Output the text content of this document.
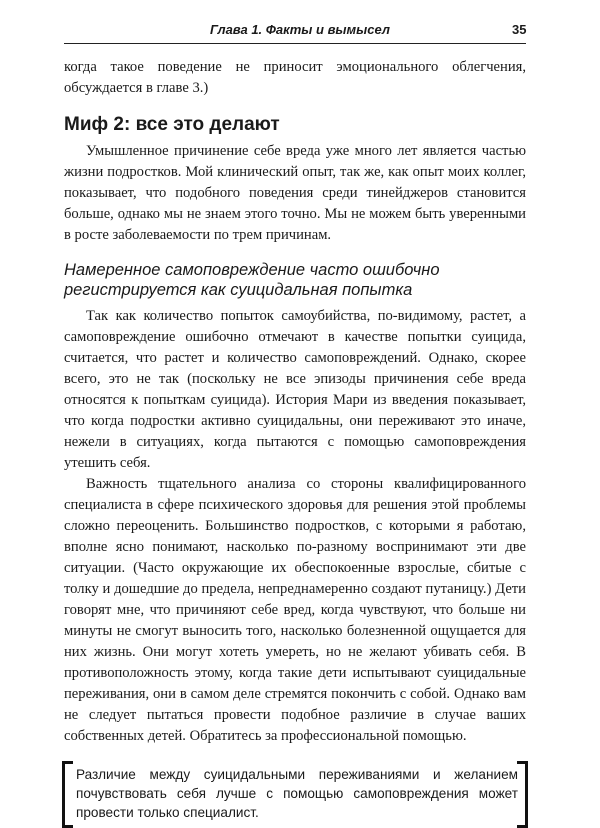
Глава 1. Факты и вымысел	35

когда такое поведение не приносит эмоционального облегчения, обсуждается в главе 3.)

Миф 2: все это делают

Умышленное причинение себе вреда уже много лет является частью жизни подростков. Мой клинический опыт, так же, как опыт моих коллег, показывает, что подобного поведения среди тинейджеров становится больше, однако мы не знаем этого точно. Мы не можем быть уверенными в росте заболеваемости по трем причинам.

Намеренное самоповреждение часто ошибочно регистрируется как суицидальная попытка

Так как количество попыток самоубийства, по-видимому, растет, а самоповреждение ошибочно отмечают в качестве попытки суицида, считается, что растет и количество самоповреждений. Однако, скорее всего, это не так (поскольку не все эпизоды причинения себе вреда относятся к попыткам суицида). История Мари из введения показывает, что когда подростки активно суицидальны, они переживают это иначе, нежели в ситуациях, когда пытаются с помощью самоповреждения утешить себя.

Важность тщательного анализа со стороны квалифицированного специалиста в сфере психического здоровья для решения этой проблемы сложно переоценить. Большинство подростков, с которыми я работаю, вполне ясно понимают, насколько по-разному воспринимают эти две ситуации. (Часто окружающие их обеспокоенные взрослые, сбитые с толку и дошедшие до предела, непреднамеренно создают путаницу.) Дети говорят мне, что причиняют себе вред, когда чувствуют, что больше ни минуты не смогут выносить того, насколько болезненной ощущается для них жизнь. Они могут хотеть умереть, но не желают убивать себя. В противоположность этому, когда такие дети испытывают суицидальные переживания, они в самом деле стремятся покончить с собой. Однако вам не следует пытаться провести подобное различие в случае ваших собственных детей. Обратитесь за профессиональной помощью.

Различие между суицидальными переживаниями и желанием почувствовать себя лучше с помощью самоповреждения может провести только специалист.
